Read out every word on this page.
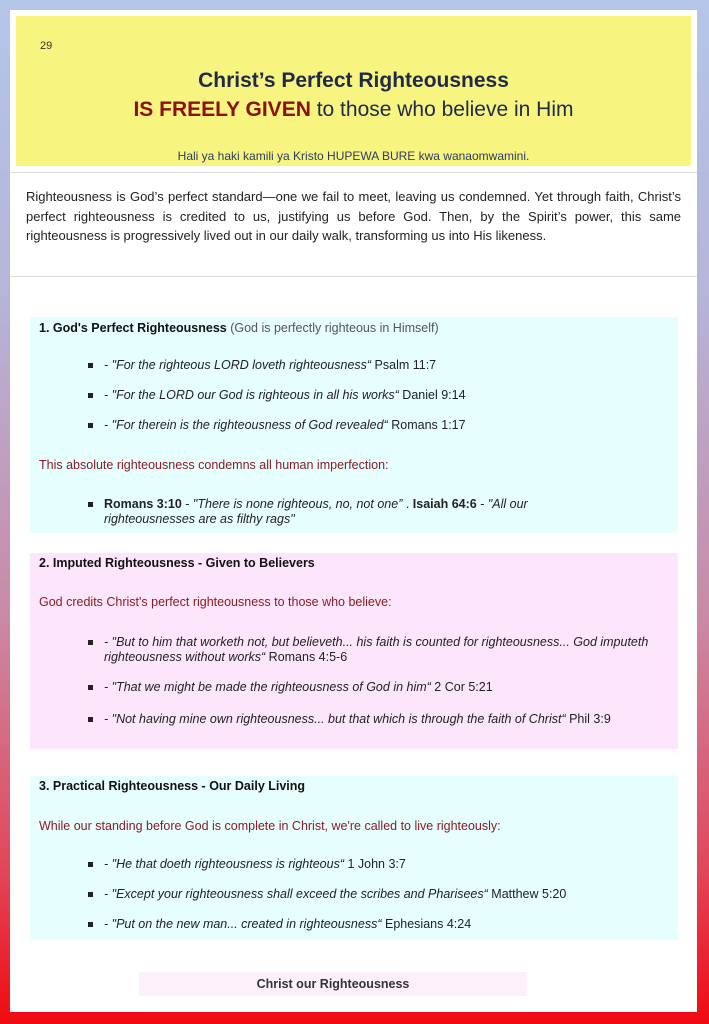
29
Christ’s Perfect Righteousness
IS FREELY GIVEN to those who believe in Him
Hali ya haki kamili ya Kristo HUPEWA BURE kwa wanaomwamini.
Righteousness is God’s perfect standard—one we fail to meet, leaving us condemned. Yet through faith, Christ’s perfect righteousness is credited to us, justifying us before God. Then, by the Spirit’s power, this same righteousness is progressively lived out in our daily walk, transforming us into His likeness.
1. God's Perfect Righteousness (God is perfectly righteous in Himself)
- "For the righteous LORD loveth righteousness“ Psalm 11:7
- "For the LORD our God is righteous in all his works“ Daniel 9:14
- "For therein is the righteousness of God revealed“ Romans 1:17
This absolute righteousness condemns all human imperfection:
Romans 3:10 - "There is none righteous, no, not one” . Isaiah 64:6 - "All our righteousnesses are as filthy rags"
2. Imputed Righteousness - Given to Believers
God credits Christ's perfect righteousness to those who believe:
- "But to him that worketh not, but believeth... his faith is counted for righteousness... God imputeth righteousness without works“ Romans 4:5-6
- "That we might be made the righteousness of God in him“ 2 Cor 5:21
- "Not having mine own righteousness... but that which is through the faith of Christ“ Phil 3:9
3. Practical Righteousness - Our Daily Living
While our standing before God is complete in Christ, we're called to live righteously:
- "He that doeth righteousness is righteous“ 1 John 3:7
- "Except your righteousness shall exceed the scribes and Pharisees“ Matthew 5:20
- "Put on the new man... created in righteousness“ Ephesians 4:24
Christ our Righteousness
